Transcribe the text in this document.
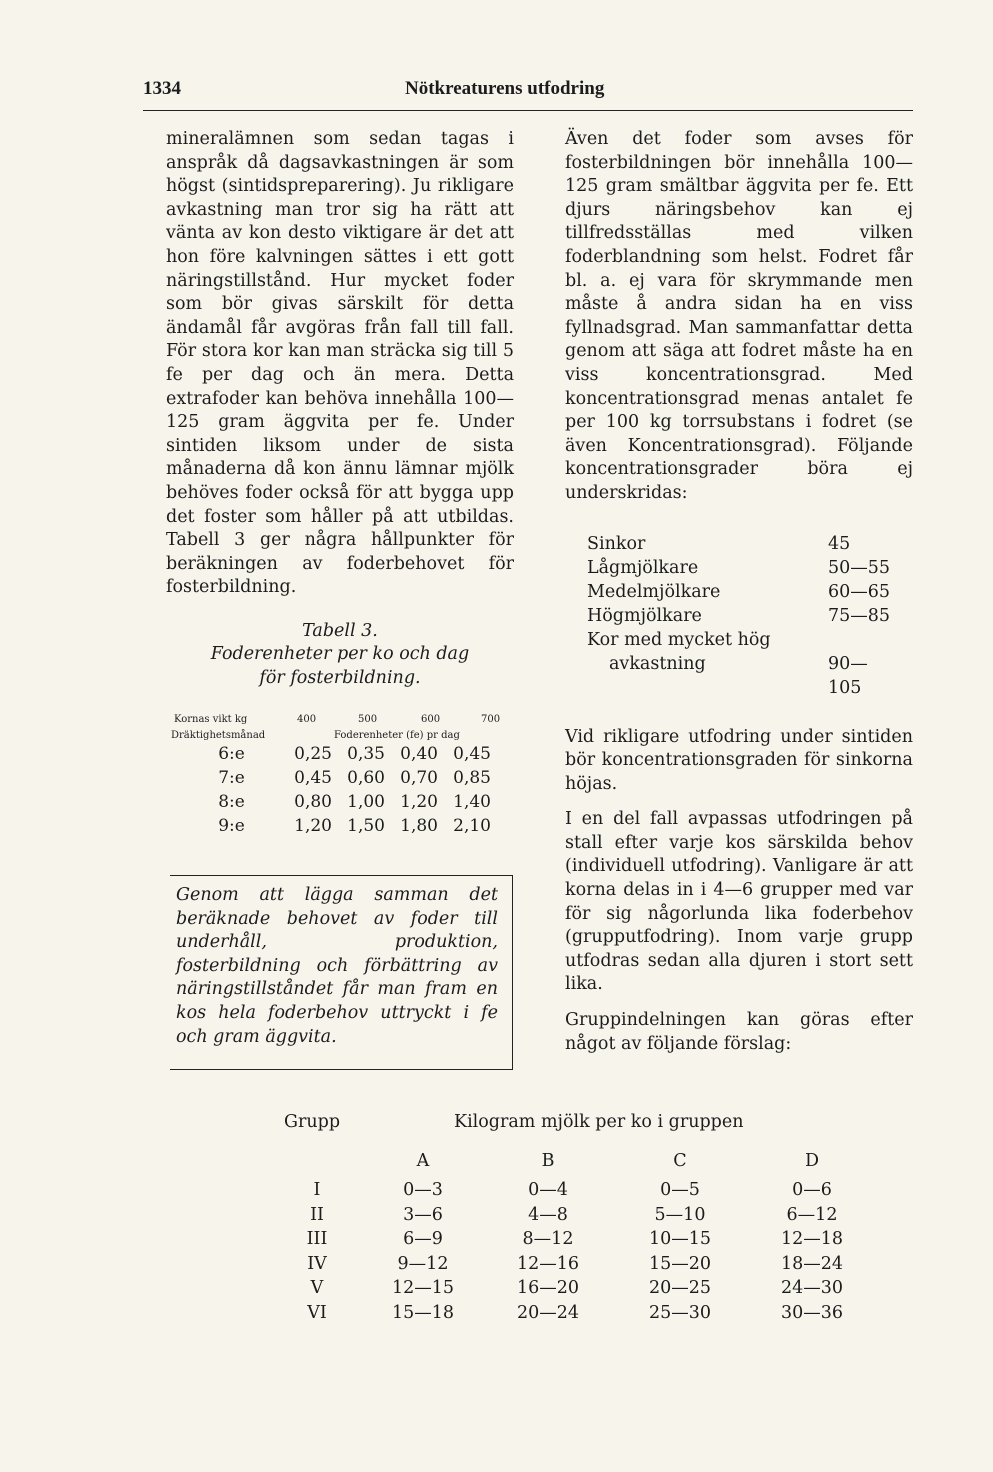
1334	Nötkreaturens utfodring

mineralämnen som sedan tagas i anspråk då dagsavkastningen är som högst (sintidspreparering). Ju rikligare avkastning man tror sig ha rätt att vänta av kon desto viktigare är det att hon före kalvningen sättes i ett gott näringstillstånd. Hur mycket foder som bör givas särskilt för detta ändamål får avgöras från fall till fall. För stora kor kan man sträcka sig till 5 fe per dag och än mera. Detta extrafoder kan behöva innehålla 100—125 gram äggvita per fe. Under sintiden liksom under de sista månaderna då kon ännu lämnar mjölk behöves foder också för att bygga upp det foster som håller på att utbildas. Tabell 3 ger några hållpunkter för beräkningen av foderbehovet för fosterbildning.

Tabell 3.
Foderenheter per ko och dag
för fosterbildning.
Kornas vikt kg	400	500	600	700
Dräktighetsmånad	Foderenheter (fe) pr dag
6:e	0,25	0,35	0,40	0,45
7:e	0,45	0,60	0,70	0,85
8:e	0,80	1,00	1,20	1,40
9:e	1,20	1,50	1,80	2,10

Genom att lägga samman det beräknade behovet av foder till underhåll, produktion, fosterbildning och förbättring av näringstillståndet får man fram en kos hela foderbehov uttryckt i fe och gram äggvita.

Även det foder som avses för fosterbildningen bör innehålla 100—125 gram smältbar äggvita per fe. Ett djurs näringsbehov kan ej tillfredsställas med vilken foderblandning som helst. Fodret får bl. a. ej vara för skrymmande men måste å andra sidan ha en viss fyllnadsgrad. Man sammanfattar detta genom att säga att fodret måste ha en viss koncentrationsgrad. Med koncentrationsgrad menas antalet fe per 100 kg torrsubstans i fodret (se även Koncentrationsgrad). Följande koncentrationsgrader böra ej underskridas:

Sinkor	45
Lågmjölkare	50—55
Medelmjölkare	60—65
Högmjölkare	75—85
Kor med mycket hög	
avkastning	90—105

Vid rikligare utfodring under sintiden bör koncentrationsgraden för sinkorna höjas.

I en del fall avpassas utfodringen på stall efter varje kos särskilda behov (individuell utfodring). Vanligare är att korna delas in i 4—6 grupper med var för sig någorlunda lika foderbehov (grupputfodring). Inom varje grupp utfodras sedan alla djuren i stort sett lika.

Gruppindelningen kan göras efter något av följande förslag:

Grupp	Kilogram mjölk per ko i gruppen
	A	B	C	D
I	0—3	0—4	0—5	0—6
II	3—6	4—8	5—10	6—12
III	6—9	8—12	10—15	12—18
IV	9—12	12—16	15—20	18—24
V	12—15	16—20	20—25	24—30
VI	15—18	20—24	25—30	30—36
